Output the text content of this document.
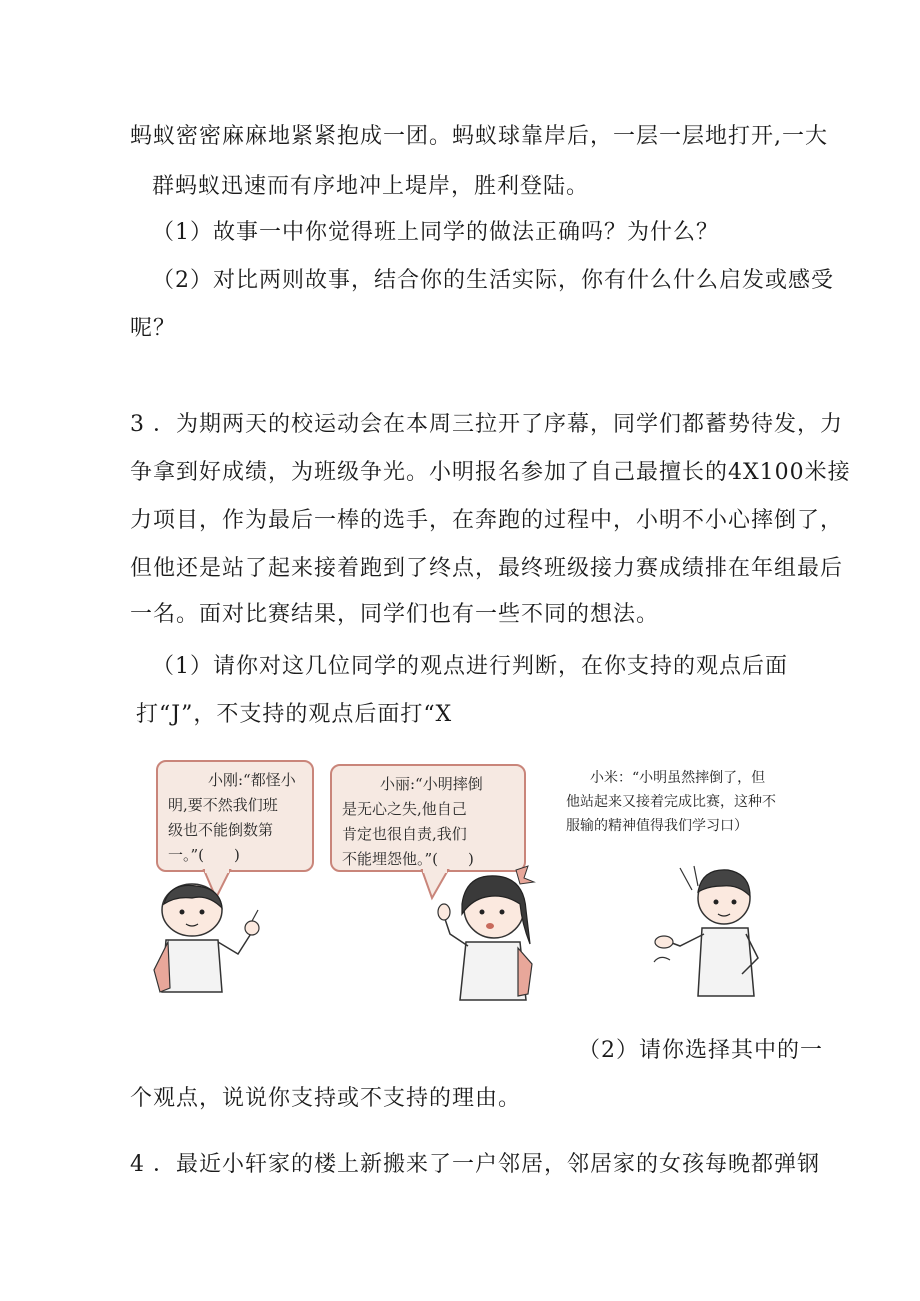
蚂蚁密密麻麻地紧紧抱成一团。蚂蚁球靠岸后，一层一层地打开,一大
群蚂蚁迅速而有序地冲上堤岸，胜利登陆。
（1）故事一中你觉得班上同学的做法正确吗？为什么？
（2）对比两则故事，结合你的生活实际，你有什么什么启发或感受
呢？
3 ．为期两天的校运动会在本周三拉开了序幕，同学们都蓄势待发，力
争拿到好成绩，为班级争光。小明报名参加了自己最擅长的4X100米接
力项目，作为最后一棒的选手，在奔跑的过程中，小明不小心摔倒了，
但他还是站了起来接着跑到了终点，最终班级接力赛成绩排在年组最后
一名。面对比赛结果，同学们也有一些不同的想法。
（1）请你对这几位同学的观点进行判断，在你支持的观点后面
打“J”，不支持的观点后面打“X
小刚:“都怪小
明,要不然我们班
级也不能倒数第
一。”(　　)
小丽:“小明摔倒
是无心之失,他自己
肯定也很自责,我们
不能埋怨他。”(　　)
小米：“小明虽然摔倒了，但
他站起来又接着完成比赛，这种不
服输的精神值得我们学习口）
（2）请你选择其中的一
个观点，说说你支持或不支持的理由。
4 ．最近小轩家的楼上新搬来了一户邻居，邻居家的女孩每晚都弹钢
